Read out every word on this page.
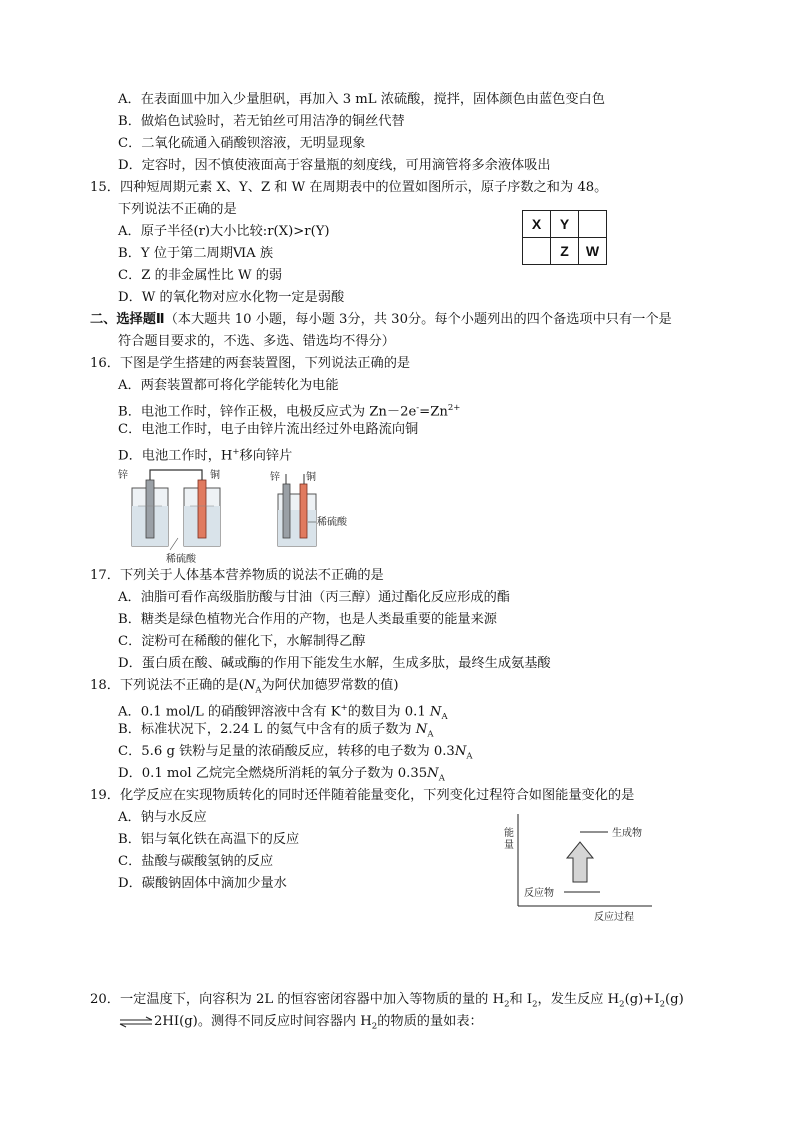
A．在表面皿中加入少量胆矾，再加入 3 mL 浓硫酸，搅拌，固体颜色由蓝色变白色
B．做焰色试验时，若无铂丝可用洁净的铜丝代替
C．二氧化硫通入硝酸钡溶液，无明显现象
D．定容时，因不慎使液面高于容量瓶的刻度线，可用滴管将多余液体吸出
15．四种短周期元素 X、Y、Z 和 W 在周期表中的位置如图所示，原子序数之和为 48。
下列说法不正确的是
A．原子半径(r)大小比较:r(X)>r(Y)
B．Y 位于第二周期ⅥA 族
C．Z 的非金属性比 W 的弱
D．W 的氧化物对应水化物一定是弱酸
X	Y	
	Z	W
二、选择题Ⅱ（本大题共 10 小题，每小题 3分，共 30分。每个小题列出的四个备选项中只有一个是
符合题目要求的，不选、多选、错选均不得分）
16．下图是学生搭建的两套装置图，下列说法正确的是
A．两套装置都可将化学能转化为电能
B．电池工作时，锌作正极，电极反应式为 $Zn-2e^-=Zn^{2+}$
C．电池工作时，电子由锌片流出经过外电路流向铜
D．电池工作时，H+移向锌片
锌	铜
稀硫酸
锌	铜
稀硫酸
17．下列关于人体基本营养物质的说法不正确的是
A．油脂可看作高级脂肪酸与甘油（丙三醇）通过酯化反应形成的酯
B．糖类是绿色植物光合作用的产物，也是人类最重要的能量来源
C．淀粉可在稀酸的催化下，水解制得乙醇
D．蛋白质在酸、碱或酶的作用下能发生水解，生成多肽，最终生成氨基酸
18．下列说法不正确的是($N_A$为阿伏加德罗常数的值)
A．0.1 mol/L 的硝酸钾溶液中含有 K+的数目为 0.1 $N_A$
B．标准状况下，2.24 L 的氦气中含有的质子数为 $N_A$
C．5.6 g 铁粉与足量的浓硝酸反应，转移的电子数为 $0.3N_A$
D．0.1 mol 乙烷完全燃烧所消耗的氧分子数为 $0.35N_A$
19．化学反应在实现物质转化的同时还伴随着能量变化，下列变化过程符合如图能量变化的是
A．钠与水反应
B．铝与氧化铁在高温下的反应
C．盐酸与碳酸氢钠的反应
D．碳酸钠固体中滴加少量水
能
量
生成物
反应物
反应过程
20．一定温度下，向容积为 2L 的恒容密闭容器中加入等物质的量的 $H_2$和 $I_2$，发生反应 $H_2(g)+I_2(g)$
⇌2HI(g)。测得不同反应时间容器内 $H_2$的物质的量如表：
